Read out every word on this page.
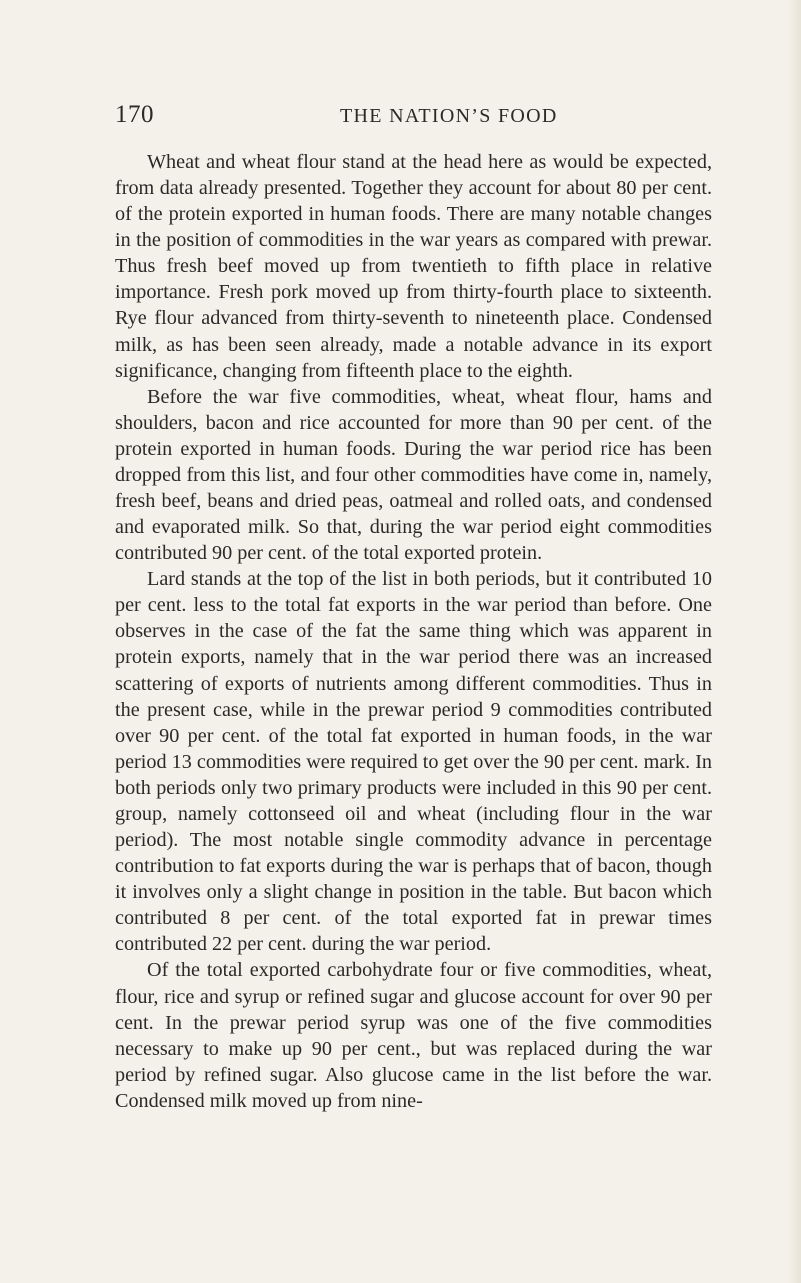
170	THE NATION’S FOOD

Wheat and wheat flour stand at the head here as would be expected, from data already presented. Together they account for about 80 per cent. of the protein exported in human foods. There are many notable changes in the position of commodities in the war years as compared with prewar. Thus fresh beef moved up from twentieth to fifth place in relative importance. Fresh pork moved up from thirty-fourth place to sixteenth. Rye flour advanced from thirty-seventh to nineteenth place. Condensed milk, as has been seen already, made a notable advance in its export significance, changing from fifteenth place to the eighth.

Before the war five commodities, wheat, wheat flour, hams and shoulders, bacon and rice accounted for more than 90 per cent. of the protein exported in human foods. During the war period rice has been dropped from this list, and four other commodities have come in, namely, fresh beef, beans and dried peas, oatmeal and rolled oats, and condensed and evaporated milk. So that, during the war period eight commodities contributed 90 per cent. of the total exported protein.

Lard stands at the top of the list in both periods, but it contributed 10 per cent. less to the total fat exports in the war period than before. One observes in the case of the fat the same thing which was apparent in protein exports, namely that in the war period there was an increased scattering of exports of nutrients among different commodities. Thus in the present case, while in the prewar period 9 commodities contributed over 90 per cent. of the total fat exported in human foods, in the war period 13 commodities were required to get over the 90 per cent. mark. In both periods only two primary products were included in this 90 per cent. group, namely cottonseed oil and wheat (including flour in the war period). The most notable single commodity advance in percentage contribution to fat exports during the war is perhaps that of bacon, though it involves only a slight change in position in the table. But bacon which contributed 8 per cent. of the total exported fat in prewar times contributed 22 per cent. during the war period.

Of the total exported carbohydrate four or five commodities, wheat, flour, rice and syrup or refined sugar and glucose account for over 90 per cent. In the prewar period syrup was one of the five commodities necessary to make up 90 per cent., but was replaced during the war period by refined sugar. Also glucose came in the list before the war. Condensed milk moved up from nine-
